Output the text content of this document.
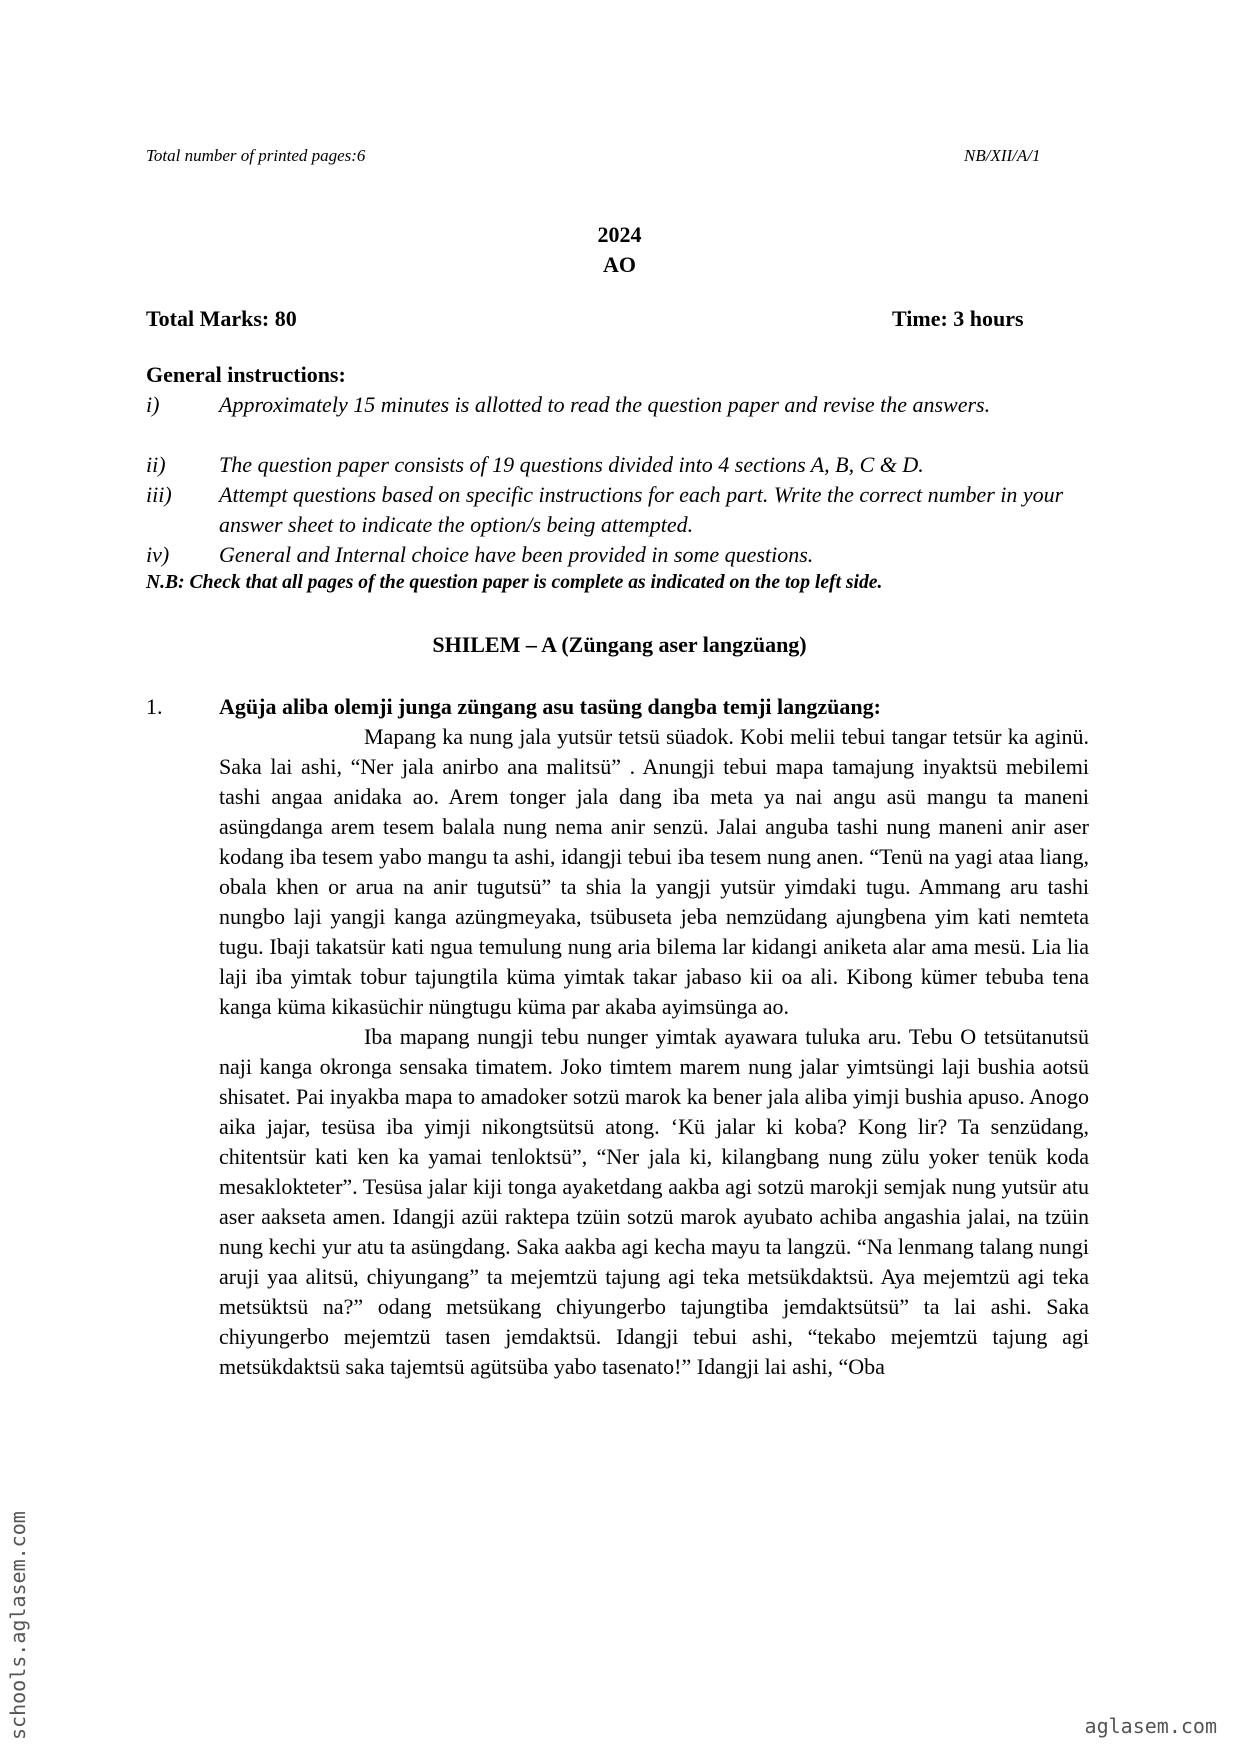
Total number of printed pages:6	NB/XII/A/1
2024
AO
Total Marks: 80	Time: 3 hours
General instructions:
i)	Approximately 15 minutes is allotted to read the question paper and revise the answers.
ii)	The question paper consists of 19 questions divided into 4 sections A, B, C & D.
iii)	Attempt questions based on specific instructions for each part. Write the correct number in your answer sheet to indicate the option/s being attempted.
iv)	General and Internal choice have been provided in some questions.
N.B: Check that all pages of the question paper is complete as indicated on the top left side.
SHILEM – A (Züngang aser langzüang)
1.	Agüja aliba olemji junga züngang asu tasüng dangba temji langzüang:

Mapang ka nung jala yutsür tetsü süadok. Kobi melii tebui tangar tetsür ka aginü. Saka lai ashi, “Ner jala anirbo ana malitsü” . Anungji tebui mapa tamajung inyaktsü mebilemi tashi angaa anidaka ao. Arem tonger jala dang iba meta ya nai angu asü mangu ta maneni asüngdanga arem tesem balala nung nema anir senzü. Jalai anguba tashi nung maneni anir aser kodang iba tesem yabo mangu ta ashi, idangji tebui iba tesem nung anen. “Tenü na yagi ataa liang, obala khen or arua na anir tugutsü” ta shia la yangji yutsür yimdaki tugu. Ammang aru tashi nungbo laji yangji kanga azüngmeyaka, tsübuseta jeba nemzüdang ajungbena yim kati nemteta tugu. Ibaji takatsür kati ngua temulung nung aria bilema lar kidangi aniketa alar ama mesü. Lia lia laji iba yimtak tobur tajungtila küma yimtak takar jabaso kii oa ali. Kibong kümer tebuba tena kanga küma kikasüchir nüngtugu küma par akaba ayimsünga ao.

Iba mapang nungji tebu nunger yimtak ayawara tuluka aru. Tebu O tetsütanutsü naji kanga okronga sensaka timatem. Joko timtem marem nung jalar yimtsüngi laji bushia aotsü shisatet. Pai inyakba mapa to amadoker sotzü marok ka bener jala aliba yimji bushia apuso. Anogo aika jajar, tesüsa iba yimji nikongtsütsü atong. ‘Kü jalar ki koba? Kong lir? Ta senzüdang, chitentsür kati ken ka yamai tenloktsü”, “Ner jala ki, kilangbang nung zülu yoker tenük koda mesaklokteter”. Tesüsa jalar kiji tonga ayaketdang aakba agi sotzü marokji semjak nung yutsür atu aser aakseta amen. Idangji azüi raktepa tzüin sotzü marok ayubato achiba angashia jalai, na tzüin nung kechi yur atu ta asüngdang. Saka aakba agi kecha mayu ta langzü. “Na lenmang talang nungi aruji yaa alitsü, chiyungang” ta mejemtzü tajung agi teka metsükdaktsü. Aya mejemtzü agi teka metsüktsü na?” odang metsükang chiyungerbo tajungtiba jemdaktsütsü” ta lai ashi. Saka chiyungerbo mejemtzü tasen jemdaktsü. Idangji tebui ashi, “tekabo mejemtzü tajung agi metsükdaktsü saka tajemtsü agütsüba yabo tasenato!” Idangji lai ashi, “Oba

schools.aglasem.com	aglasem.com
